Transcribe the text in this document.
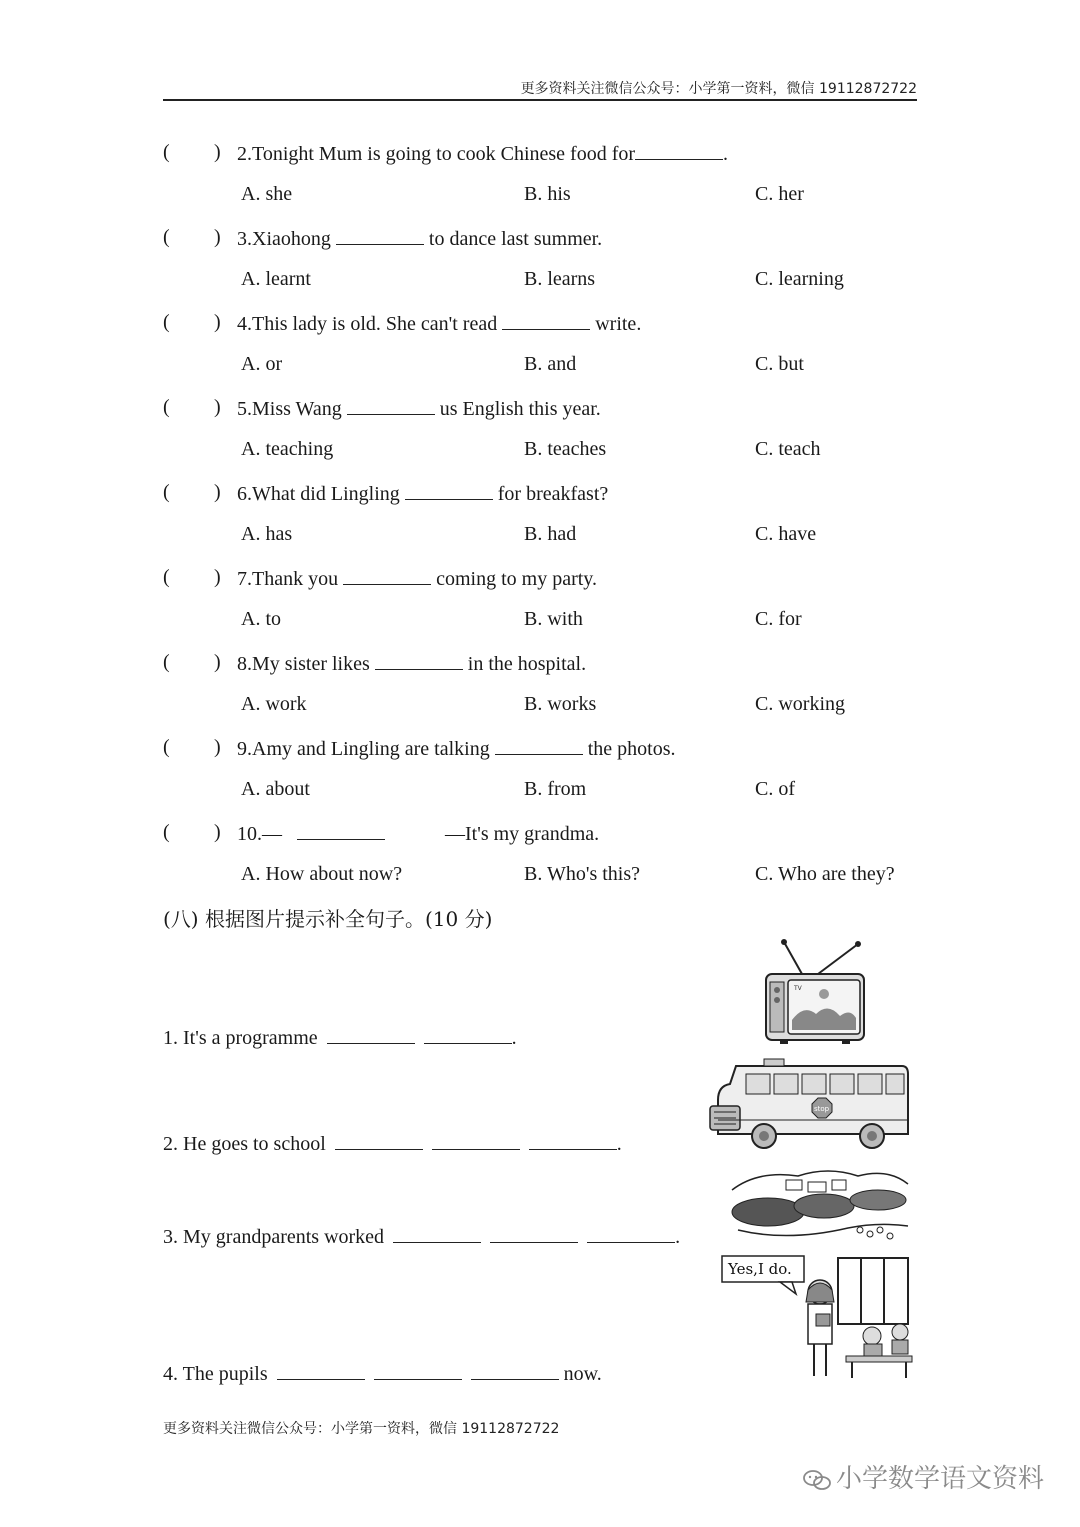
更多资料关注微信公众号：小学第一资料，微信 19112872722
( ) 2.Tonight Mum is going to cook Chinese food for	.
A. she	B. his	C. her
( ) 3.Xiaohong	to dance last summer.
A. learnt	B. learns	C. learning
( ) 4.This lady is old. She can't read	write.
A. or	B. and	C. but
( ) 5.Miss Wang	us English this year.
A. teaching	B. teaches	C. teach
( ) 6.What did Lingling	for breakfast?
A. has	B. had	C. have
( ) 7.Thank you	coming to my party.
A. to	B. with	C. for
( ) 8.My sister likes	in the hospital.
A. work	B. works	C. working
( ) 9.Amy and Lingling are talking	the photos.
A. about	B. from	C. of
( ) 10.—	—It's my grandma.
A. How about now?	B. Who's this?	C. Who are they?
(八) 根据图片提示补全句子。(10 分)
1. It's a programme	.
2. He goes to school	.
3. My grandparents worked	.
4. The pupils	now.
TV
stop
Yes,I do.
更多资料关注微信公众号：小学第一资料，微信 19112872722
小学数学语文资料
